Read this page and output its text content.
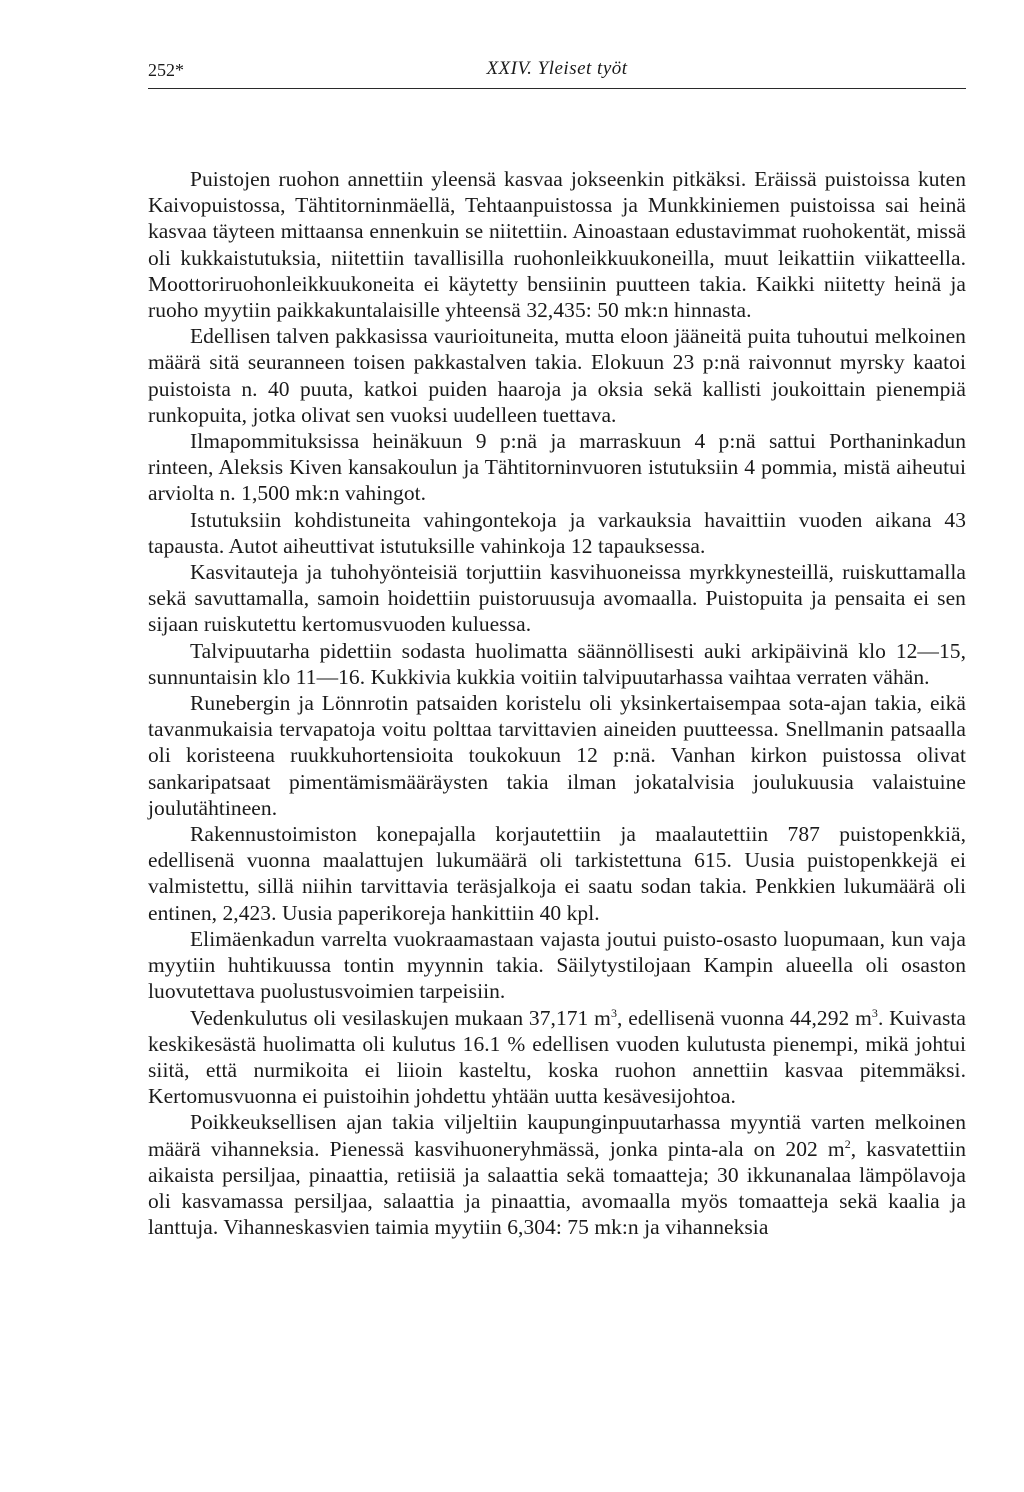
252*	XXIV. Yleiset työt

Puistojen ruohon annettiin yleensä kasvaa jokseenkin pitkäksi. Eräissä puistoissa kuten Kaivopuistossa, Tähtitorninmäellä, Tehtaanpuistossa ja Munkkiniemen puistoissa sai heinä kasvaa täyteen mittaansa ennenkuin se niitettiin. Ainoastaan edustavimmat ruohokentät, missä oli kukkaistutuksia, niitettiin tavallisilla ruohonleikkuukoneilla, muut leikattiin viikatteella. Moottoriruohonleikkuukoneita ei käytetty bensiinin puutteen takia. Kaikki niitetty heinä ja ruoho myytiin paikkakuntalaisille yhteensä 32,435: 50 mk:n hinnasta.

Edellisen talven pakkasissa vaurioituneita, mutta eloon jääneitä puita tuhoutui melkoinen määrä sitä seuranneen toisen pakkastalven takia. Elokuun 23 p:nä raivonnut myrsky kaatoi puistoista n. 40 puuta, katkoi puiden haaroja ja oksia sekä kallisti joukoittain pienempiä runkopuita, jotka olivat sen vuoksi uudelleen tuettava.

Ilmapommituksissa heinäkuun 9 p:nä ja marraskuun 4 p:nä sattui Porthaninkadun rinteen, Aleksis Kiven kansakoulun ja Tähtitorninvuoren istutuksiin 4 pommia, mistä aiheutui arviolta n. 1,500 mk:n vahingot.

Istutuksiin kohdistuneita vahingontekoja ja varkauksia havaittiin vuoden aikana 43 tapausta. Autot aiheuttivat istutuksille vahinkoja 12 tapauksessa.

Kasvitauteja ja tuhohyönteisiä torjuttiin kasvihuoneissa myrkkynesteillä, ruiskuttamalla sekä savuttamalla, samoin hoidettiin puistoruusuja avomaalla. Puistopuita ja pensaita ei sen sijaan ruiskutettu kertomusvuoden kuluessa.

Talvipuutarha pidettiin sodasta huolimatta säännöllisesti auki arkipäivinä klo 12—15, sunnuntaisin klo 11—16. Kukkivia kukkia voitiin talvipuutarhassa vaihtaa verraten vähän.

Runebergin ja Lönnrotin patsaiden koristelu oli yksinkertaisempaa sota-ajan takia, eikä tavanmukaisia tervapatoja voitu polttaa tarvittavien aineiden puutteessa. Snellmanin patsaalla oli koristeena ruukkuhortensioita toukokuun 12 p:nä. Vanhan kirkon puistossa olivat sankaripatsaat pimentämismääräysten takia ilman jokatalvisia joulukuusia valaistuine joulutähtineen.

Rakennustoimiston konepajalla korjautettiin ja maalautettiin 787 puistopenkkiä, edellisenä vuonna maalattujen lukumäärä oli tarkistettuna 615. Uusia puistopenkkejä ei valmistettu, sillä niihin tarvittavia teräsjalkoja ei saatu sodan takia. Penkkien lukumäärä oli entinen, 2,423. Uusia paperikoreja hankittiin 40 kpl.

Elimäenkadun varrelta vuokraamastaan vajasta joutui puisto-osasto luopumaan, kun vaja myytiin huhtikuussa tontin myynnin takia. Säilytystilojaan Kampin alueella oli osaston luovutettava puolustusvoimien tarpeisiin.

Vedenkulutus oli vesilaskujen mukaan 37,171 $m^3$, edellisenä vuonna 44,292 $m^3$. Kuivasta keskikesästä huolimatta oli kulutus 16.1 % edellisen vuoden kulutusta pienempi, mikä johtui siitä, että nurmikoita ei liioin kasteltu, koska ruohon annettiin kasvaa pitemmäksi. Kertomusvuonna ei puistoihin johdettu yhtään uutta kesävesijohtoa.

Poikkeuksellisen ajan takia viljeltiin kaupunginpuutarhassa myyntiä varten melkoinen määrä vihanneksia. Pienessä kasvihuoneryhmässä, jonka pinta-ala on 202 $m^2$, kasvatettiin aikaista persiljaa, pinaattia, retiisiä ja salaattia sekä tomaatteja; 30 ikkunanalaa lämpölavoja oli kasvamassa persiljaa, salaattia ja pinaattia, avomaalla myös tomaatteja sekä kaalia ja lanttuja. Vihanneskasvien taimia myytiin 6,304: 75 mk:n ja vihanneksia
